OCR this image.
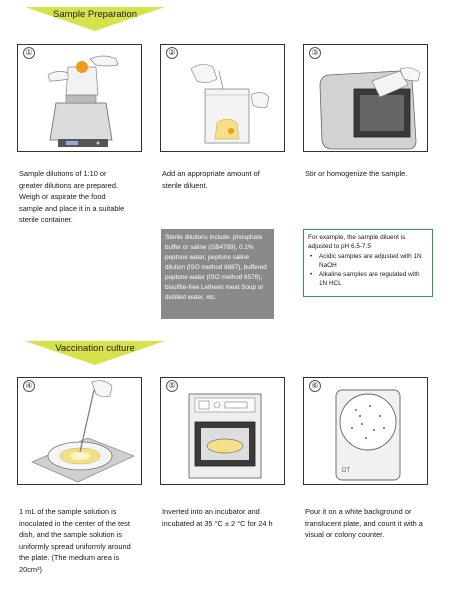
Sample Preparation
①	②	③
Sample dilutions of 1:10 or greater dilutions are prepared. Weigh or aspirate the food sample and place it in a suitable sterile container.
Add an appropriate amount of sterile diluent.
Stir or homogenize the sample.
Sterile dilutions include: phosphate buffer or saline (GB4789), 0.1% peptone water, peptone saline dilution (ISO method 6887), buffered peptone water (ISO method 6579), bisulfite-free Letheen meat Soup or distilled water, etc.
For example, the sample diluent is adjusted to pH 6.5-7.5
• Acidic samples are adjusted with 1N NaOH
• Alkaline samples are regulated with 1N HCL
Vaccination culture
④	⑤	⑥
DT
1 mL of the sample solution is inoculated in the center of the test dish, and the sample solution is uniformly spread uniformly around the plate. (The medium area is 20cm²)
Inverted into an incubator and incubated at 35 °C ± 2 °C for 24 h
Pour it on a white background or translucent plate, and count it with a visual or colony counter.
